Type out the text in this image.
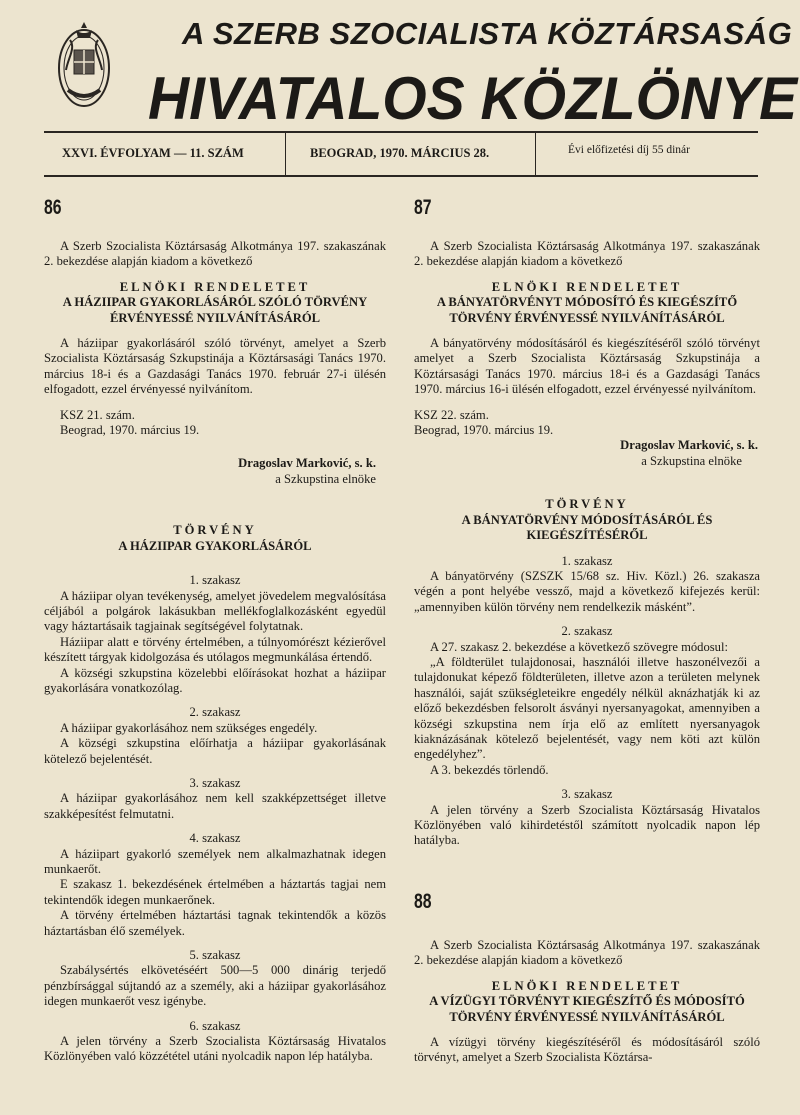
A SZERB SZOCIALISTA KÖZTÁRSASÁG
HIVATALOS KÖZLÖNYE
XXVI. ÉVFOLYAM — 11. SZÁM	BEOGRAD, 1970. MÁRCIUS 28.	Évi előfizetési díj 55 dinár
86

A Szerb Szocialista Köztársaság Alkotmánya 197. szakaszának 2. bekezdése alapján kiadom a következő

ELNÖKI RENDELETET

A HÁZIIPAR GYAKORLÁSÁRÓL SZÓLÓ TÖRVÉNY ÉRVÉNYESSÉ NYILVÁNÍTÁSÁRÓL

A háziipar gyakorlásáról szóló törvényt, amelyet a Szerb Szocialista Köztársaság Szkupstinája a Köztársasági Tanács 1970. március 18-i és a Gazdasági Tanács 1970. február 27-i ülésén elfogadott, ezzel érvényessé nyilvánítom.

KSZ 21. szám.

Beograd, 1970. március 19.

Dragoslav Marković, s. k.

a Szkupstina elnöke

TÖRVÉNY

A HÁZIIPAR GYAKORLÁSÁRÓL

1. szakasz

A háziipar olyan tevékenység, amelyet jövedelem megvalósítása céljából a polgárok lakásukban mellékfoglalkozásként egyedül vagy háztartásaik tagjainak segítségével folytatnak.

Háziipar alatt e törvény értelmében, a túlnyomórészt kézierővel készített tárgyak kidolgozása és utólagos megmunkálása értendő.

A községi szkupstina közelebbi előírásokat hozhat a háziipar gyakorlására vonatkozólag.

2. szakasz

A háziipar gyakorlásához nem szükséges engedély.

A községi szkupstina előírhatja a háziipar gyakorlásának kötelező bejelentését.

3. szakasz

A háziipar gyakorlásához nem kell szakképzettséget illetve szakképesítést felmutatni.

4. szakasz

A háziipart gyakorló személyek nem alkalmazhatnak idegen munkaerőt.

E szakasz 1. bekezdésének értelmében a háztartás tagjai nem tekintendők idegen munkaerőnek.

A törvény értelmében háztartási tagnak tekintendők a közös háztartásban élő személyek.

5. szakasz

Szabálysértés elkövetéséért 500—5 000 dinárig terjedő pénzbírsággal sújtandó az a személy, aki a háziipar gyakorlásához idegen munkaerőt vesz igénybe.

6. szakasz

A jelen törvény a Szerb Szocialista Köztársaság Hivatalos Közlönyében való közzététel utáni nyolcadik napon lép hatályba.

87

A Szerb Szocialista Köztársaság Alkotmánya 197. szakaszának 2. bekezdése alapján kiadom a következő

ELNÖKI RENDELETET

A BÁNYATÖRVÉNYT MÓDOSÍTÓ ÉS KIEGÉSZÍTŐ TÖRVÉNY ÉRVÉNYESSÉ NYILVÁNÍTÁSÁRÓL

A bányatörvény módosításáról és kiegészítéséről szóló törvényt amelyet a Szerb Szocialista Köztársaság Szkupstinája a Köztársasági Tanács 1970. március 18-i és a Gazdasági Tanács 1970. március 16-i ülésén elfogadott, ezzel érvényessé nyilvánítom.

KSZ 22. szám.

Beograd, 1970. március 19.

Dragoslav Marković, s. k.

a Szkupstina elnöke

TÖRVÉNY

A BÁNYATÖRVÉNY MÓDOSÍTÁSÁRÓL ÉS KIEGÉSZÍTÉSÉRŐL

1. szakasz

A bányatörvény (SZSZK 15/68 sz. Hiv. Közl.) 26. szakasza végén a pont helyébe vessző, majd a következő kifejezés kerül: „amennyiben külön törvény nem rendelkezik másként”.

2. szakasz

A 27. szakasz 2. bekezdése a következő szövegre módosul:

„A földterület tulajdonosai, használói illetve haszonélvezői a tulajdonukat képező földterületen, illetve azon a területen melynek használói, saját szükségleteikre engedély nélkül aknázhatják ki az előző bekezdésben felsorolt ásványi nyersanyagokat, amennyiben a községi szkupstina nem írja elő az említett nyersanyagok kiaknázásának kötelező bejelentését, vagy nem köti azt külön engedélyhez”.

A 3. bekezdés törlendő.

3. szakasz

A jelen törvény a Szerb Szocialista Köztársaság Hivatalos Közlönyében való kihirdetéstől számított nyolcadik napon lép hatályba.

88

A Szerb Szocialista Köztársaság Alkotmánya 197. szakaszának 2. bekezdése alapján kiadom a következő

ELNÖKI RENDELETET

A VÍZÜGYI TÖRVÉNYT KIEGÉSZÍTŐ ÉS MÓDOSÍTÓ TÖRVÉNY ÉRVÉNYESSÉ NYILVÁNÍTÁSÁRÓL

A vízügyi törvény kiegészítéséről és módosításáról szóló törvényt, amelyet a Szerb Szocialista Köztársa-
